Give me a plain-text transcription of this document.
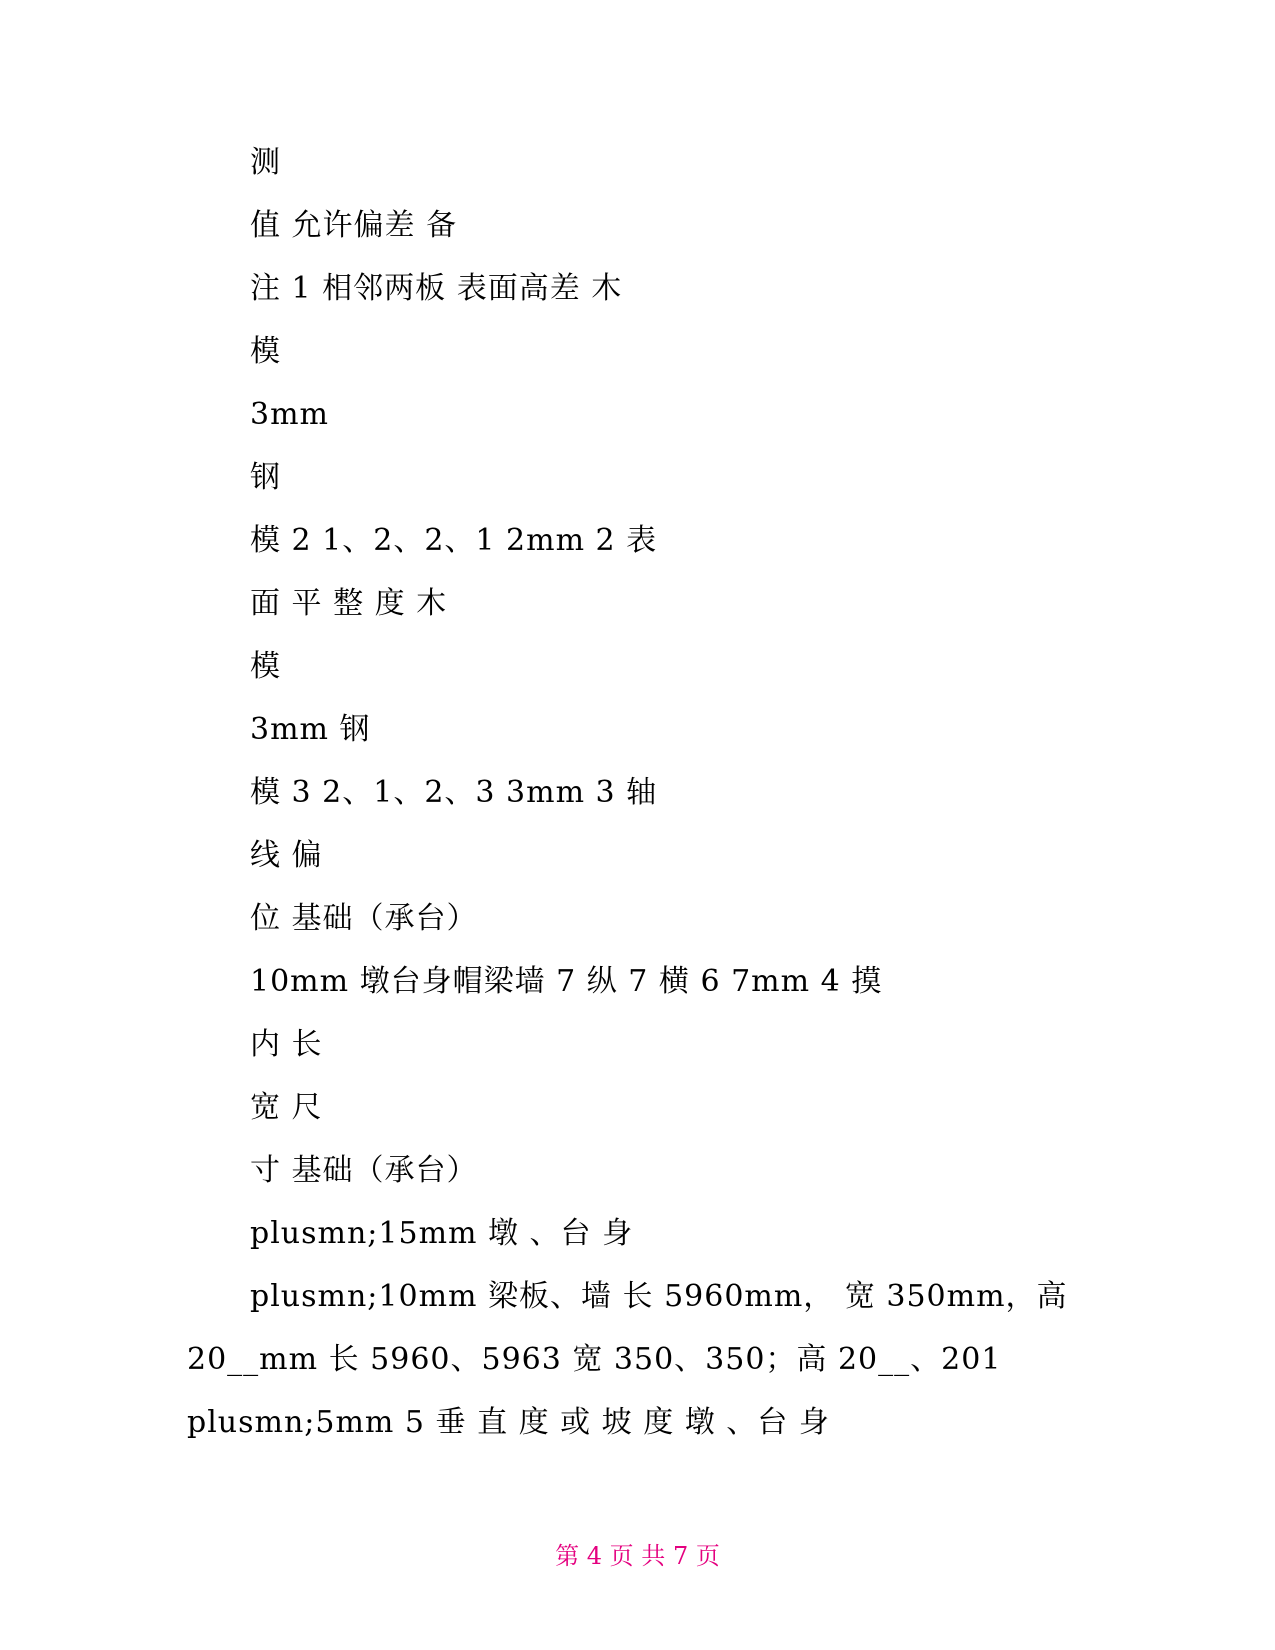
测
值 允许偏差 备
注 1 相邻两板 表面高差 木
模
3mm
钢
模 2 1、2、2、1 2mm 2 表
面 平 整 度 木
模
3mm 钢
模 3 2、1、2、3 3mm 3 轴
线 偏
位 基础（承台）
10mm 墩台身帽梁墙 7 纵 7 横 6 7mm 4 摸
内 长
宽 尺
寸 基础（承台）
plusmn;15mm 墩 、台 身
plusmn;10mm 梁板、墙 长 5960mm， 宽 350mm，高
20__mm 长 5960、5963 宽 350、350；高 20__、201
plusmn;5mm 5 垂 直 度 或 坡 度 墩 、台 身
第 4 页 共 7 页
